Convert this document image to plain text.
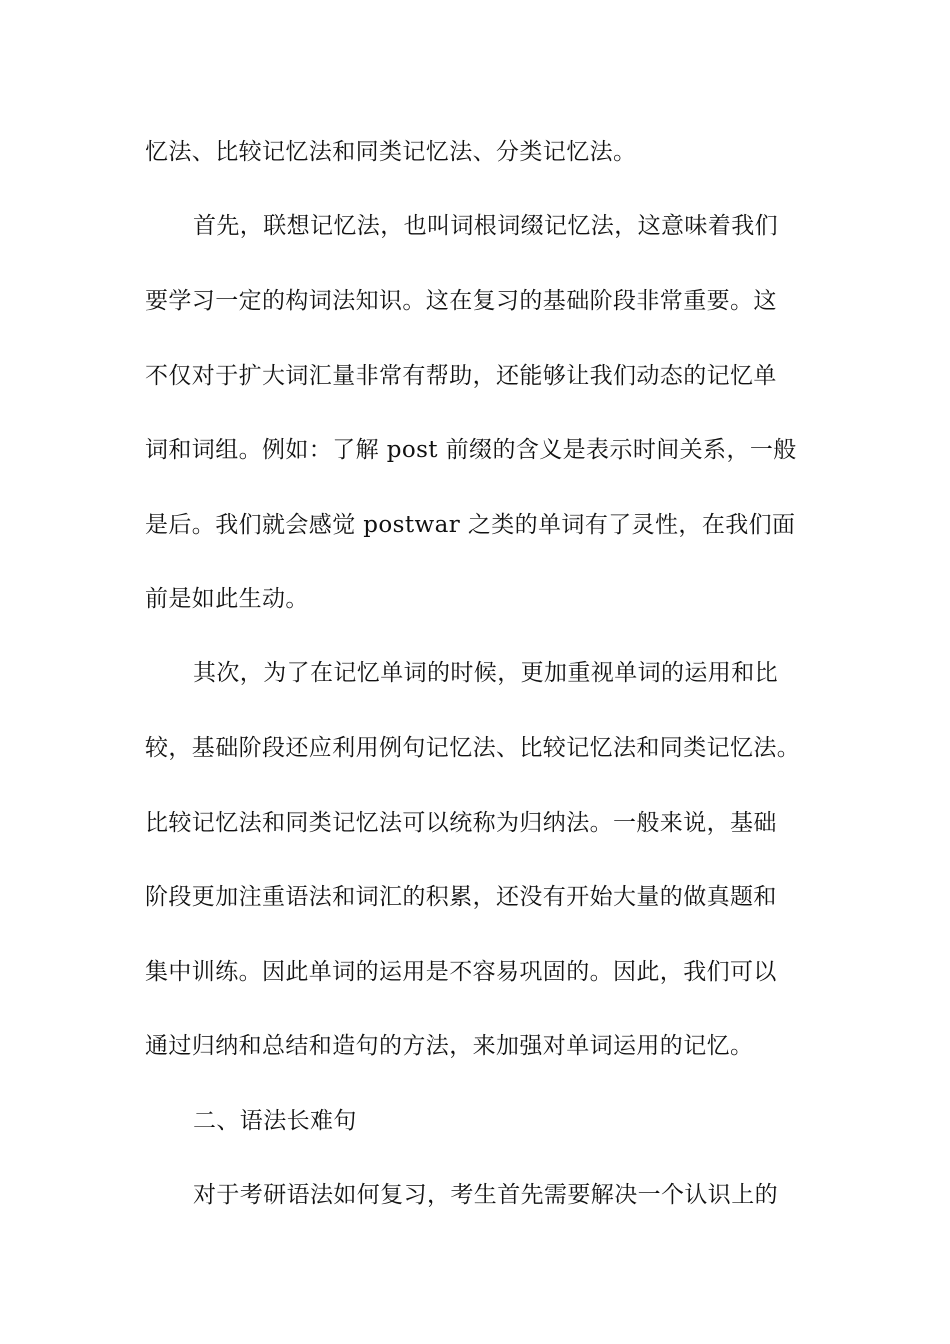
忆法、比较记忆法和同类记忆法、分类记忆法。
首先，联想记忆法，也叫词根词缀记忆法，这意味着我们
要学习一定的构词法知识。这在复习的基础阶段非常重要。这
不仅对于扩大词汇量非常有帮助，还能够让我们动态的记忆单
词和词组。例如：了解 post 前缀的含义是表示时间关系，一般
是后。我们就会感觉 postwar 之类的单词有了灵性，在我们面
前是如此生动。
其次，为了在记忆单词的时候，更加重视单词的运用和比
较，基础阶段还应利用例句记忆法、比较记忆法和同类记忆法。
比较记忆法和同类记忆法可以统称为归纳法。一般来说，基础
阶段更加注重语法和词汇的积累，还没有开始大量的做真题和
集中训练。因此单词的运用是不容易巩固的。因此，我们可以
通过归纳和总结和造句的方法，来加强对单词运用的记忆。
二、语法长难句
对于考研语法如何复习，考生首先需要解决一个认识上的
